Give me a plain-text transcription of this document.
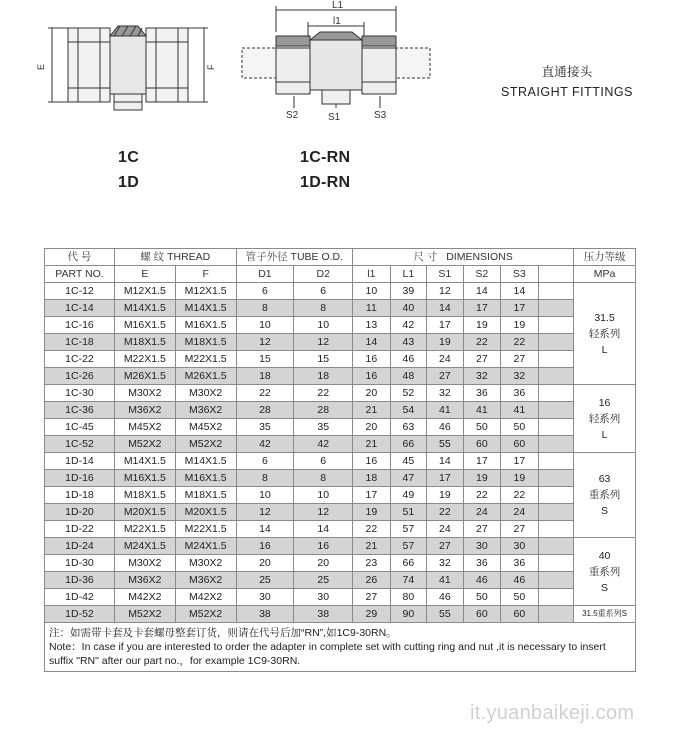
E	F
L1
l1
S2	S1	S3
直通接头
STRAIGHT FITTINGS
1C
1D
1C-RN
1D-RN
代 号	螺 纹 THREAD		管子外径 TUBE O.D.		尺 寸 DIMENSIONS						压力等级
PART NO.	E	F	D1	D2	l1	L1	S1	S2	S3		MPa
1C-12	M12X1.5	M12X1.5	6	6	10	39	12	14	14		31.5
轻系列
L

1C-14	M14X1.5	M14X1.5	8	8	11	40	14	17	17		
1C-16	M16X1.5	M16X1.5	10	10	13	42	17	19	19		
1C-18	M18X1.5	M18X1.5	12	12	14	43	19	22	22		
1C-22	M22X1.5	M22X1.5	15	15	16	46	24	27	27		
1C-26	M26X1.5	M26X1.5	18	18	16	48	27	32	32		
1C-30	M30X2	M30X2	22	22	20	52	32	36	36		16
轻系列
L

1C-36	M36X2	M36X2	28	28	21	54	41	41	41		
1C-45	M45X2	M45X2	35	35	20	63	46	50	50		
1C-52	M52X2	M52X2	42	42	21	66	55	60	60		
1D-14	M14X1.5	M14X1.5	6	6	16	45	14	17	17		63
重系列
S

1D-16	M16X1.5	M16X1.5	8	8	18	47	17	19	19		
1D-18	M18X1.5	M18X1.5	10	10	17	49	19	22	22		
1D-20	M20X1.5	M20X1.5	12	12	19	51	22	24	24		
1D-22	M22X1.5	M22X1.5	14	14	22	57	24	27	27		
1D-24	M24X1.5	M24X1.5	16	16	21	57	27	30	30		40
重系列
S

1D-30	M30X2	M30X2	20	20	23	66	32	36	36		
1D-36	M36X2	M36X2	25	25	26	74	41	46	46		
1D-42	M42X2	M42X2	30	30	27	80	46	50	50		
1D-52	M52X2	M52X2	38	38	29	90	55	60	60		31.5重系列S

注：如需带卡套及卡套螺母整套订货，则请在代号后加“RN”,如1C9-30RN。
Note：In case if you are interested to order the adapter in complete set with cutting ring and nut ,it is necessary to insert suffix "RN" after our part no.，for example 1C9-30RN.											
it.yuanbaikeji.com
